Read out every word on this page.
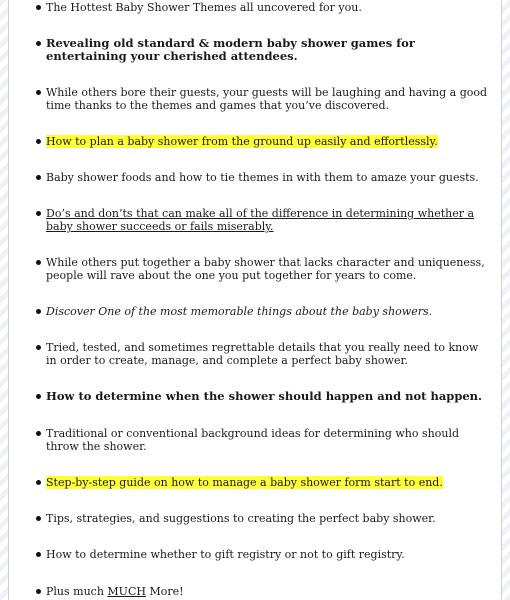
The Hottest Baby Shower Themes all uncovered for you.
Revealing old standard & modern baby shower games for entertaining your cherished attendees.
While others bore their guests, your guests will be laughing and having a good time thanks to the themes and games that you’ve discovered.
How to plan a baby shower from the ground up easily and effortlessly.
Baby shower foods and how to tie themes in with them to amaze your guests.
Do’s and don’ts that can make all of the difference in determining whether a baby shower succeeds or fails miserably.
While others put together a baby shower that lacks character and uniqueness, people will rave about the one you put together for years to come.
Discover One of the most memorable things about the baby showers.
Tried, tested, and sometimes regrettable details that you really need to know in order to create, manage, and complete a perfect baby shower.
How to determine when the shower should happen and not happen.
Traditional or conventional background ideas for determining who should throw the shower.
Step-by-step guide on how to manage a baby shower form start to end.
Tips, strategies, and suggestions to creating the perfect baby shower.
How to determine whether to gift registry or not to gift registry.
Plus much MUCH More!
